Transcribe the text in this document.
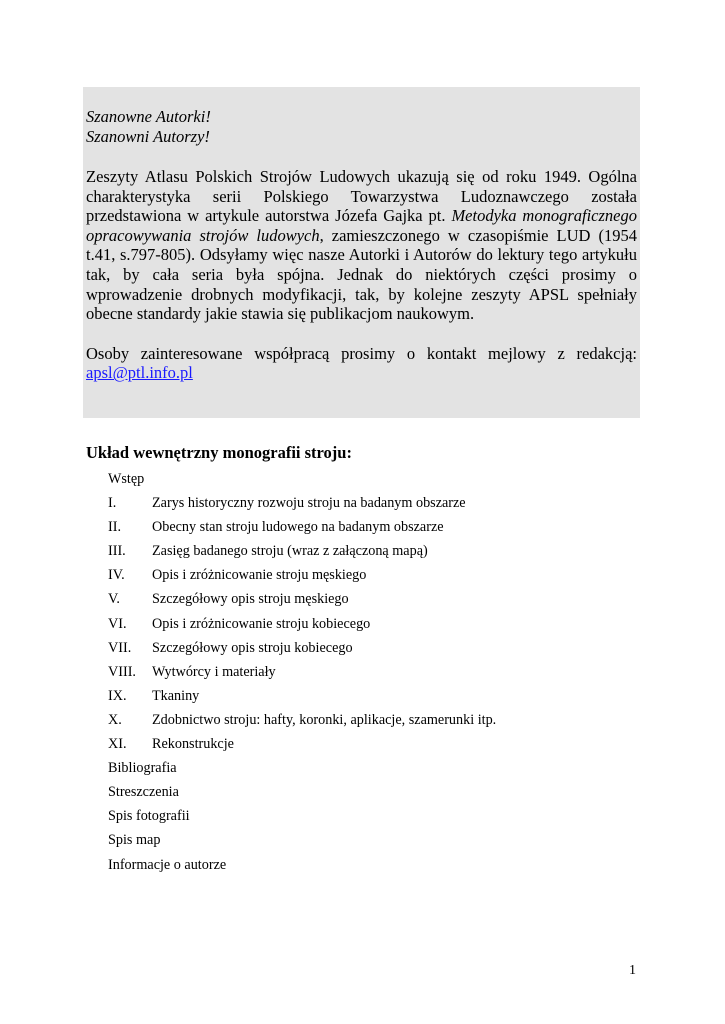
Szanowne Autorki!

Szanowni Autorzy!

Zeszyty Atlasu Polskich Strojów Ludowych ukazują się od roku 1949. Ogólna charakterystyka serii Polskiego Towarzystwa Ludoznawczego została przedstawiona w artykule autorstwa Józefa Gajka pt. Metodyka monograficznego opracowywania strojów ludowych, zamieszczonego w czasopiśmie LUD (1954 t.41, s.797-805). Odsyłamy więc nasze Autorki i Autorów do lektury tego artykułu tak, by cała seria była spójna. Jednak do niektórych części prosimy o wprowadzenie drobnych modyfikacji, tak, by kolejne zeszyty APSL spełniały obecne standardy jakie stawia się publikacjom naukowym.

Osoby zainteresowane współpracą prosimy o kontakt mejlowy z redakcją: apsl@ptl.info.pl

Układ wewnętrzny monografii stroju:

Wstęp
I.	Zarys historyczny rozwoju stroju na badanym obszarze
II. Obecny stan stroju ludowego na badanym obszarze
III. Zasięg badanego stroju (wraz z załączoną mapą)
IV. Opis i zróżnicowanie stroju męskiego
V. Szczegółowy opis stroju męskiego
VI. Opis i zróżnicowanie stroju kobiecego
VII. Szczegółowy opis stroju kobiecego
VIII. Wytwórcy i materiały
IX. Tkaniny
X. Zdobnictwo stroju: hafty, koronki, aplikacje, szamerunki itp.
XI. Rekonstrukcje
Bibliografia
Streszczenia
Spis fotografii
Spis map
Informacje o autorze
1
